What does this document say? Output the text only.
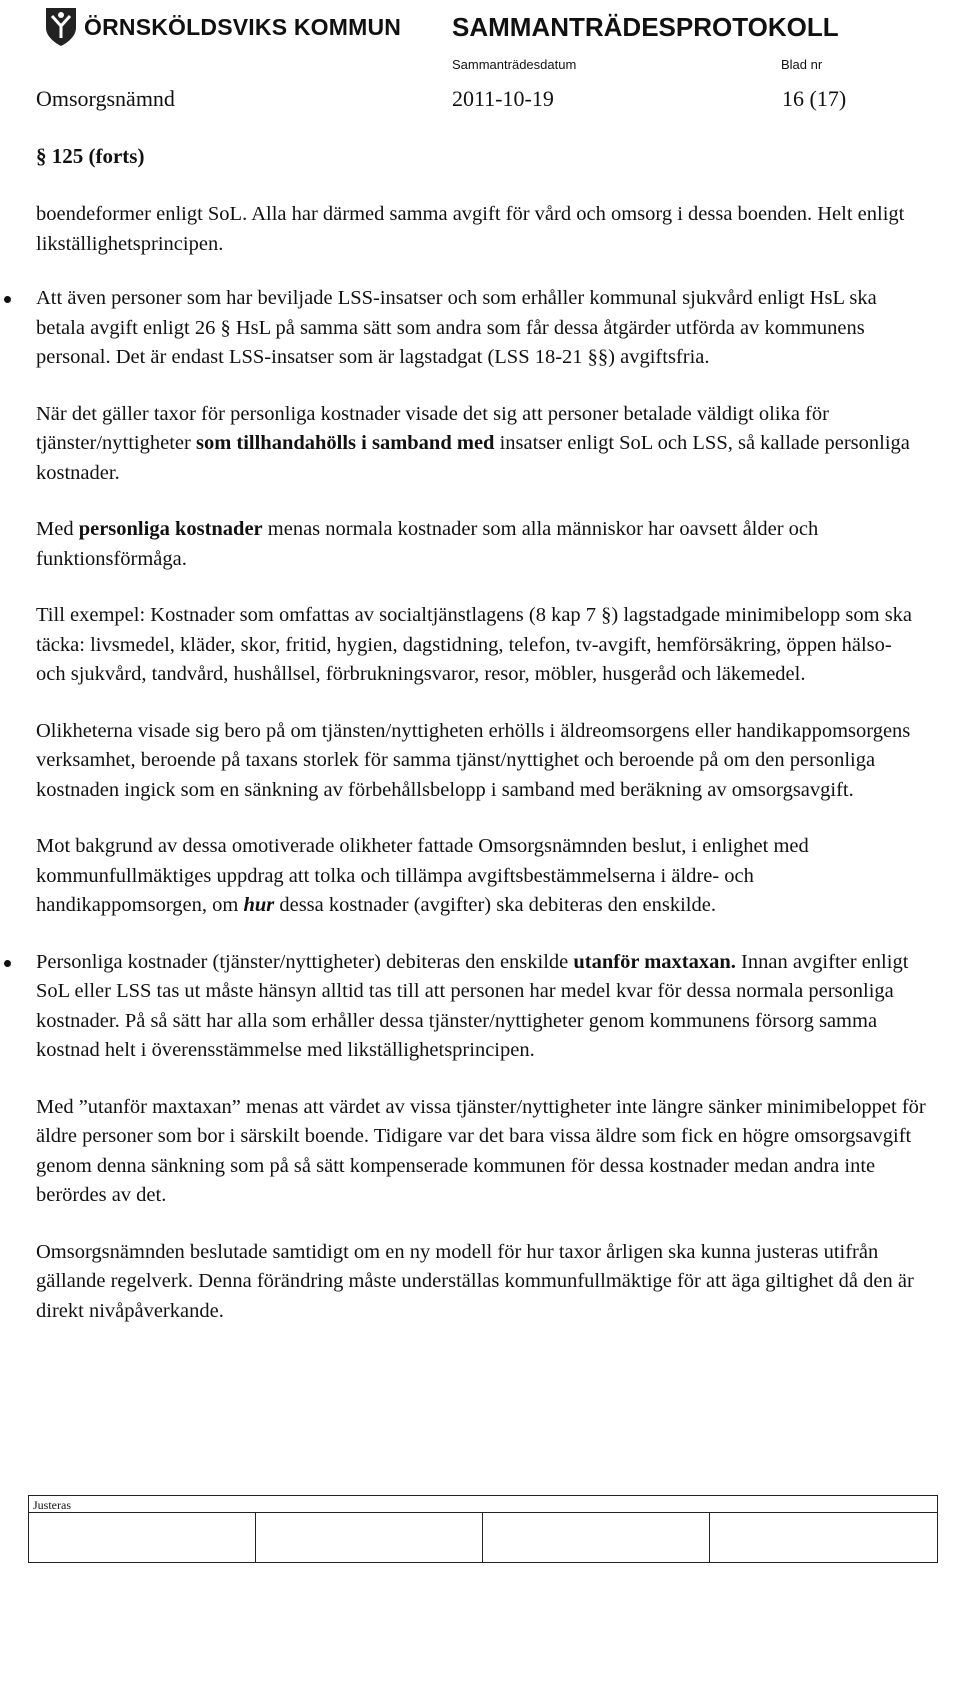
ÖRNSKÖLDSVIKS KOMMUN SAMMANTRÄDESPROTOKOLL
Sammanträdesdatum	Blad nr
Omsorgsnämnd	2011-10-19	16 (17)
§ 125 (forts)

boendeformer enligt SoL. Alla har därmed samma avgift för vård och omsorg i dessa boenden. Helt enligt likställighetsprincipen.

Att även personer som har beviljade LSS-insatser och som erhåller kommunal sjukvård enligt HsL ska betala avgift enligt 26 § HsL på samma sätt som andra som får dessa åtgärder utförda av kommunens personal. Det är endast LSS-insatser som är lagstadgat (LSS 18-21 §§) avgiftsfria.

När det gäller taxor för personliga kostnader visade det sig att personer betalade väldigt olika för tjänster/nyttigheter som tillhandahölls i samband med insatser enligt SoL och LSS, så kallade personliga kostnader.

Med personliga kostnader menas normala kostnader som alla människor har oavsett ålder och funktionsförmåga.

Till exempel: Kostnader som omfattas av socialtjänstlagens (8 kap 7 §) lagstadgade minimibelopp som ska täcka: livsmedel, kläder, skor, fritid, hygien, dagstidning, telefon, tv-avgift, hemförsäkring, öppen hälso- och sjukvård, tandvård, hushållsel, förbrukningsvaror, resor, möbler, husgeråd och läkemedel.

Olikheterna visade sig bero på om tjänsten/nyttigheten erhölls i äldreomsorgens eller handikappomsorgens verksamhet, beroende på taxans storlek för samma tjänst/nyttighet och beroende på om den personliga kostnaden ingick som en sänkning av förbehållsbelopp i samband med beräkning av omsorgsavgift.

Mot bakgrund av dessa omotiverade olikheter fattade Omsorgsnämnden beslut, i enlighet med kommunfullmäktiges uppdrag att tolka och tillämpa avgiftsbestämmelserna i äldre- och handikappomsorgen, om hur dessa kostnader (avgifter) ska debiteras den enskilde.

Personliga kostnader (tjänster/nyttigheter) debiteras den enskilde utanför maxtaxan. Innan avgifter enligt SoL eller LSS tas ut måste hänsyn alltid tas till att personen har medel kvar för dessa normala personliga kostnader. På så sätt har alla som erhåller dessa tjänster/nyttigheter genom kommunens försorg samma kostnad helt i överensstämmelse med likställighetsprincipen.

Med ”utanför maxtaxan” menas att värdet av vissa tjänster/nyttigheter inte längre sänker minimibeloppet för äldre personer som bor i särskilt boende. Tidigare var det bara vissa äldre som fick en högre omsorgsavgift genom denna sänkning som på så sätt kompenserade kommunen för dessa kostnader medan andra inte berördes av det.

Omsorgsnämnden beslutade samtidigt om en ny modell för hur taxor årligen ska kunna justeras utifrån gällande regelverk. Denna förändring måste underställas kommunfullmäktige för att äga giltighet då den är direkt nivåpåverkande.

Justeras
